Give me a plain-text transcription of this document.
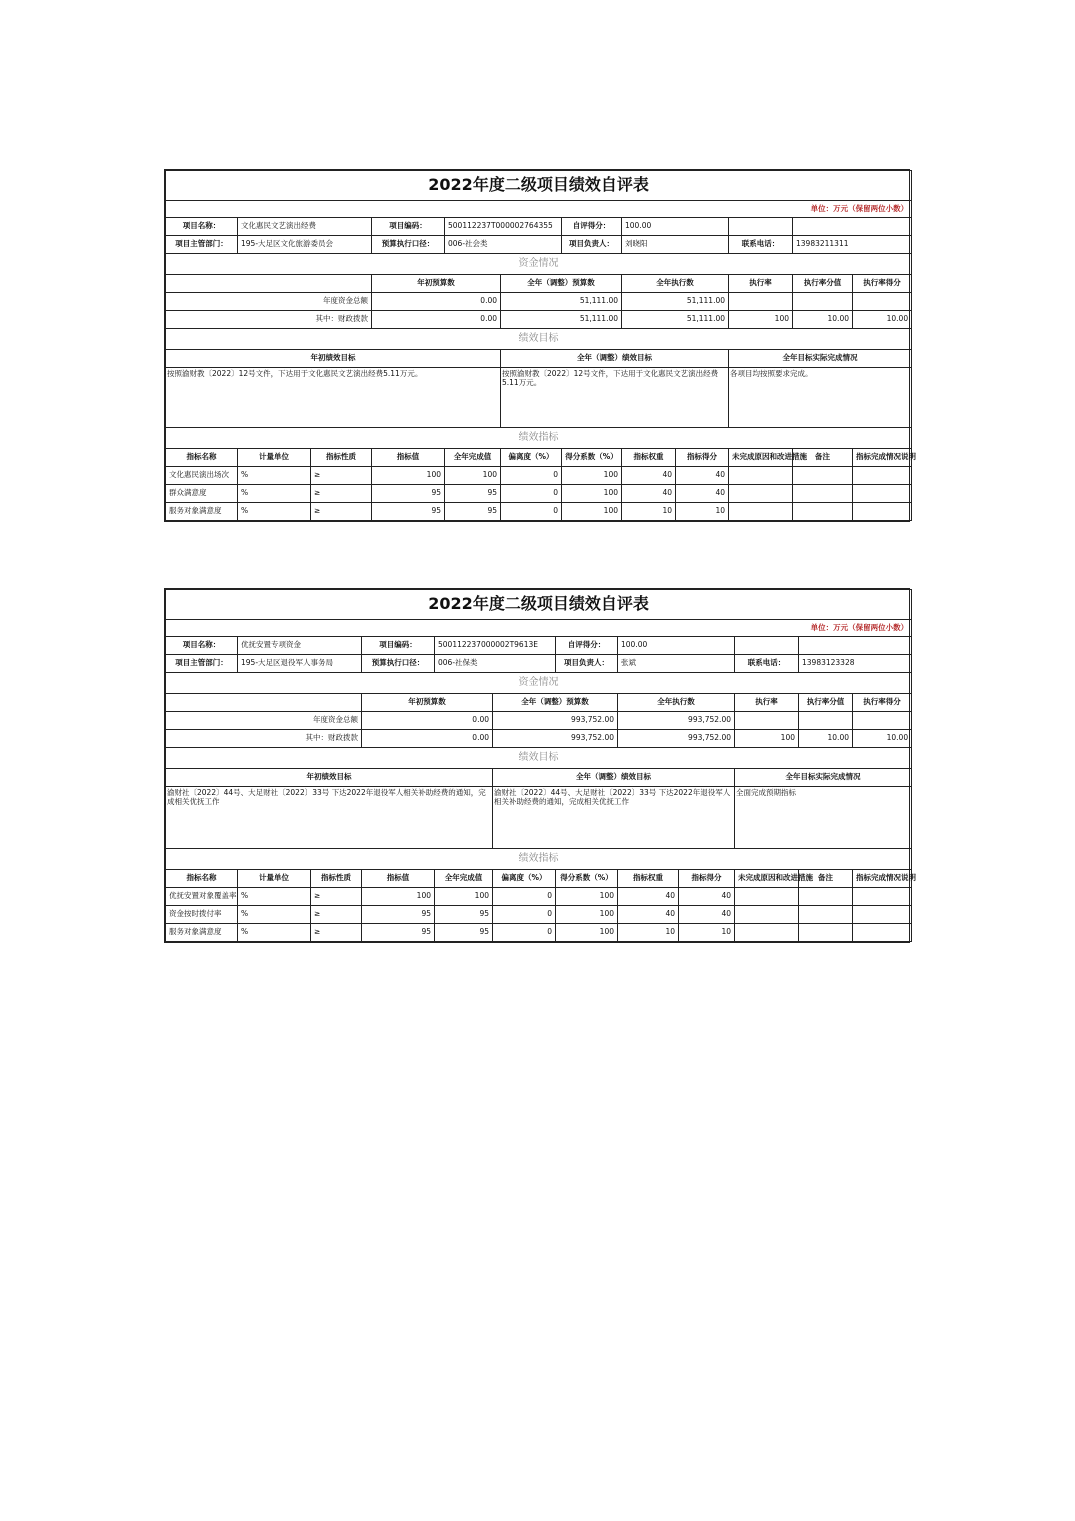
2022年度二级项目绩效自评表											
单位：万元（保留两位小数）											
项目名称：	文化惠民文艺演出经费		项目编码：	500112237T000002764355		自评得分：	100.00				
项目主管部门：	195-大足区文化旅游委员会		预算执行口径：	006-社会类		项目负责人：	刘晓阳		联系电话：	13983211311	
资金情况											
			年初预算数		全年（调整）预算数		全年执行数		执行率	执行率分值	执行率得分
年度资金总额			0.00		51,111.00		51,111.00				
其中：财政拨款			0.00		51,111.00		51,111.00		100	10.00	10.00
绩效目标											
年初绩效目标					全年（调整）绩效目标				全年目标实际完成情况		
按照渝财教〔2022〕12号文件，下达用于文化惠民文艺演出经费5.11万元。					按照渝财教〔2022〕12号文件，下达用于文化惠民文艺演出经费5.11万元。				各项目均按照要求完成。		
绩效指标											
指标名称	计量单位	指标性质	指标值	全年完成值	偏离度（%）	得分系数（%）	指标权重	指标得分	未完成原因和改进措施	备注	指标完成情况说明
文化惠民演出场次	%	≥	100	100	0	100	40	40			
群众满意度	%	≥	95	95	0	100	40	40			
服务对象满意度	%	≥	95	95	0	100	10	10			
2022年度二级项目绩效自评表											
单位：万元（保留两位小数）											
项目名称：	优抚安置专项资金		项目编码：	500112237000002T9613E		自评得分：	100.00				
项目主管部门：	195-大足区退役军人事务局		预算执行口径：	006-社保类		项目负责人：	张斌		联系电话：	13983123328	
资金情况											
			年初预算数		全年（调整）预算数		全年执行数		执行率	执行率分值	执行率得分
年度资金总额			0.00		993,752.00		993,752.00				
其中：财政拨款			0.00		993,752.00		993,752.00		100	10.00	10.00
绩效目标											
年初绩效目标					全年（调整）绩效目标				全年目标实际完成情况		
渝财社〔2022〕44号、大足财社〔2022〕33号 下达2022年退役军人相关补助经费的通知，完成相关优抚工作					渝财社〔2022〕44号、大足财社〔2022〕33号 下达2022年退役军人相关补助经费的通知，完成相关优抚工作				全面完成预期指标		
绩效指标											
指标名称	计量单位	指标性质	指标值	全年完成值	偏离度（%）	得分系数（%）	指标权重	指标得分	未完成原因和改进措施	备注	指标完成情况说明
优抚安置对象覆盖率	%	≥	100	100	0	100	40	40			
资金按时拨付率	%	≥	95	95	0	100	40	40			
服务对象满意度	%	≥	95	95	0	100	10	10			
